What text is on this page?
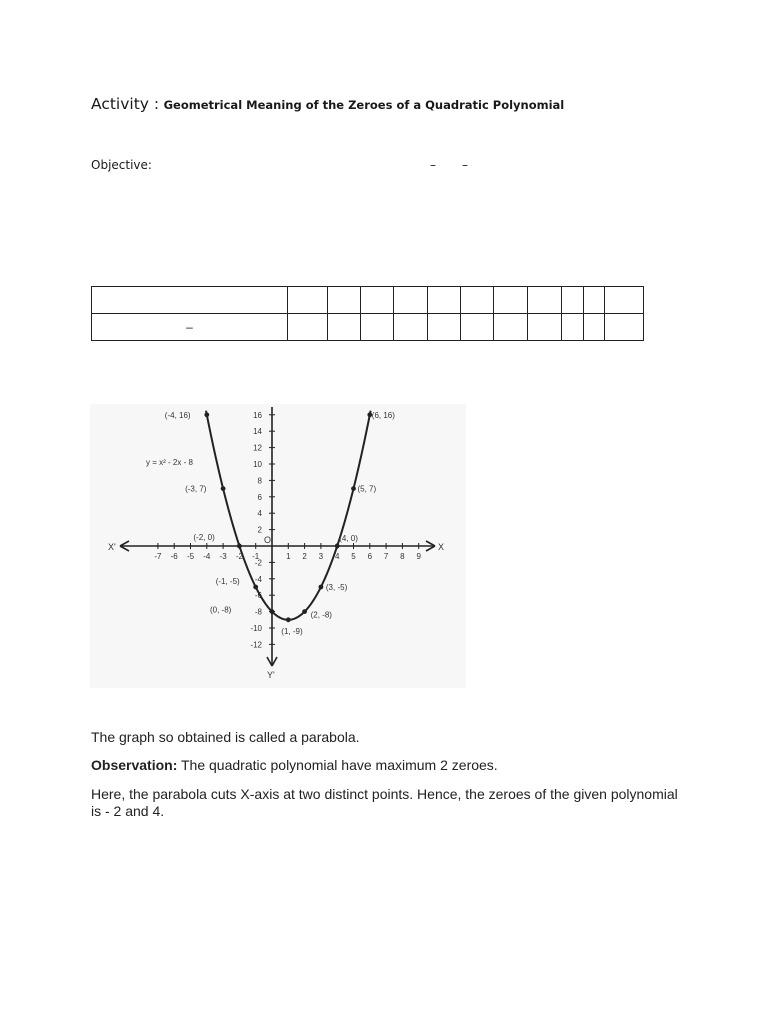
Activity : Geometrical Meaning of the Zeroes of a Quadratic Polynomial
Objective:	– –

–											
X'	X
Y'
O
-7 -6 -5 -4 -3 -2 -1	1 2 3 4 5 6 7 8 9
16
14
12
10
8
6
4
2
-2
-4
-6
-8
-10
-12
(-4, 16)
(-3, 7)
(-2, 0)
(-1, -5)
(0, -8)
(1, -9)
(2, -8)
(3, -5)
(4, 0)
(5, 7)
(6, 16)
y = x² - 2x - 8
The graph so obtained is called a parabola.
Observation: The quadratic polynomial have maximum 2 zeroes.
Here, the parabola cuts X-axis at two distinct points. Hence, the zeroes of the given polynomial
is - 2 and 4.
